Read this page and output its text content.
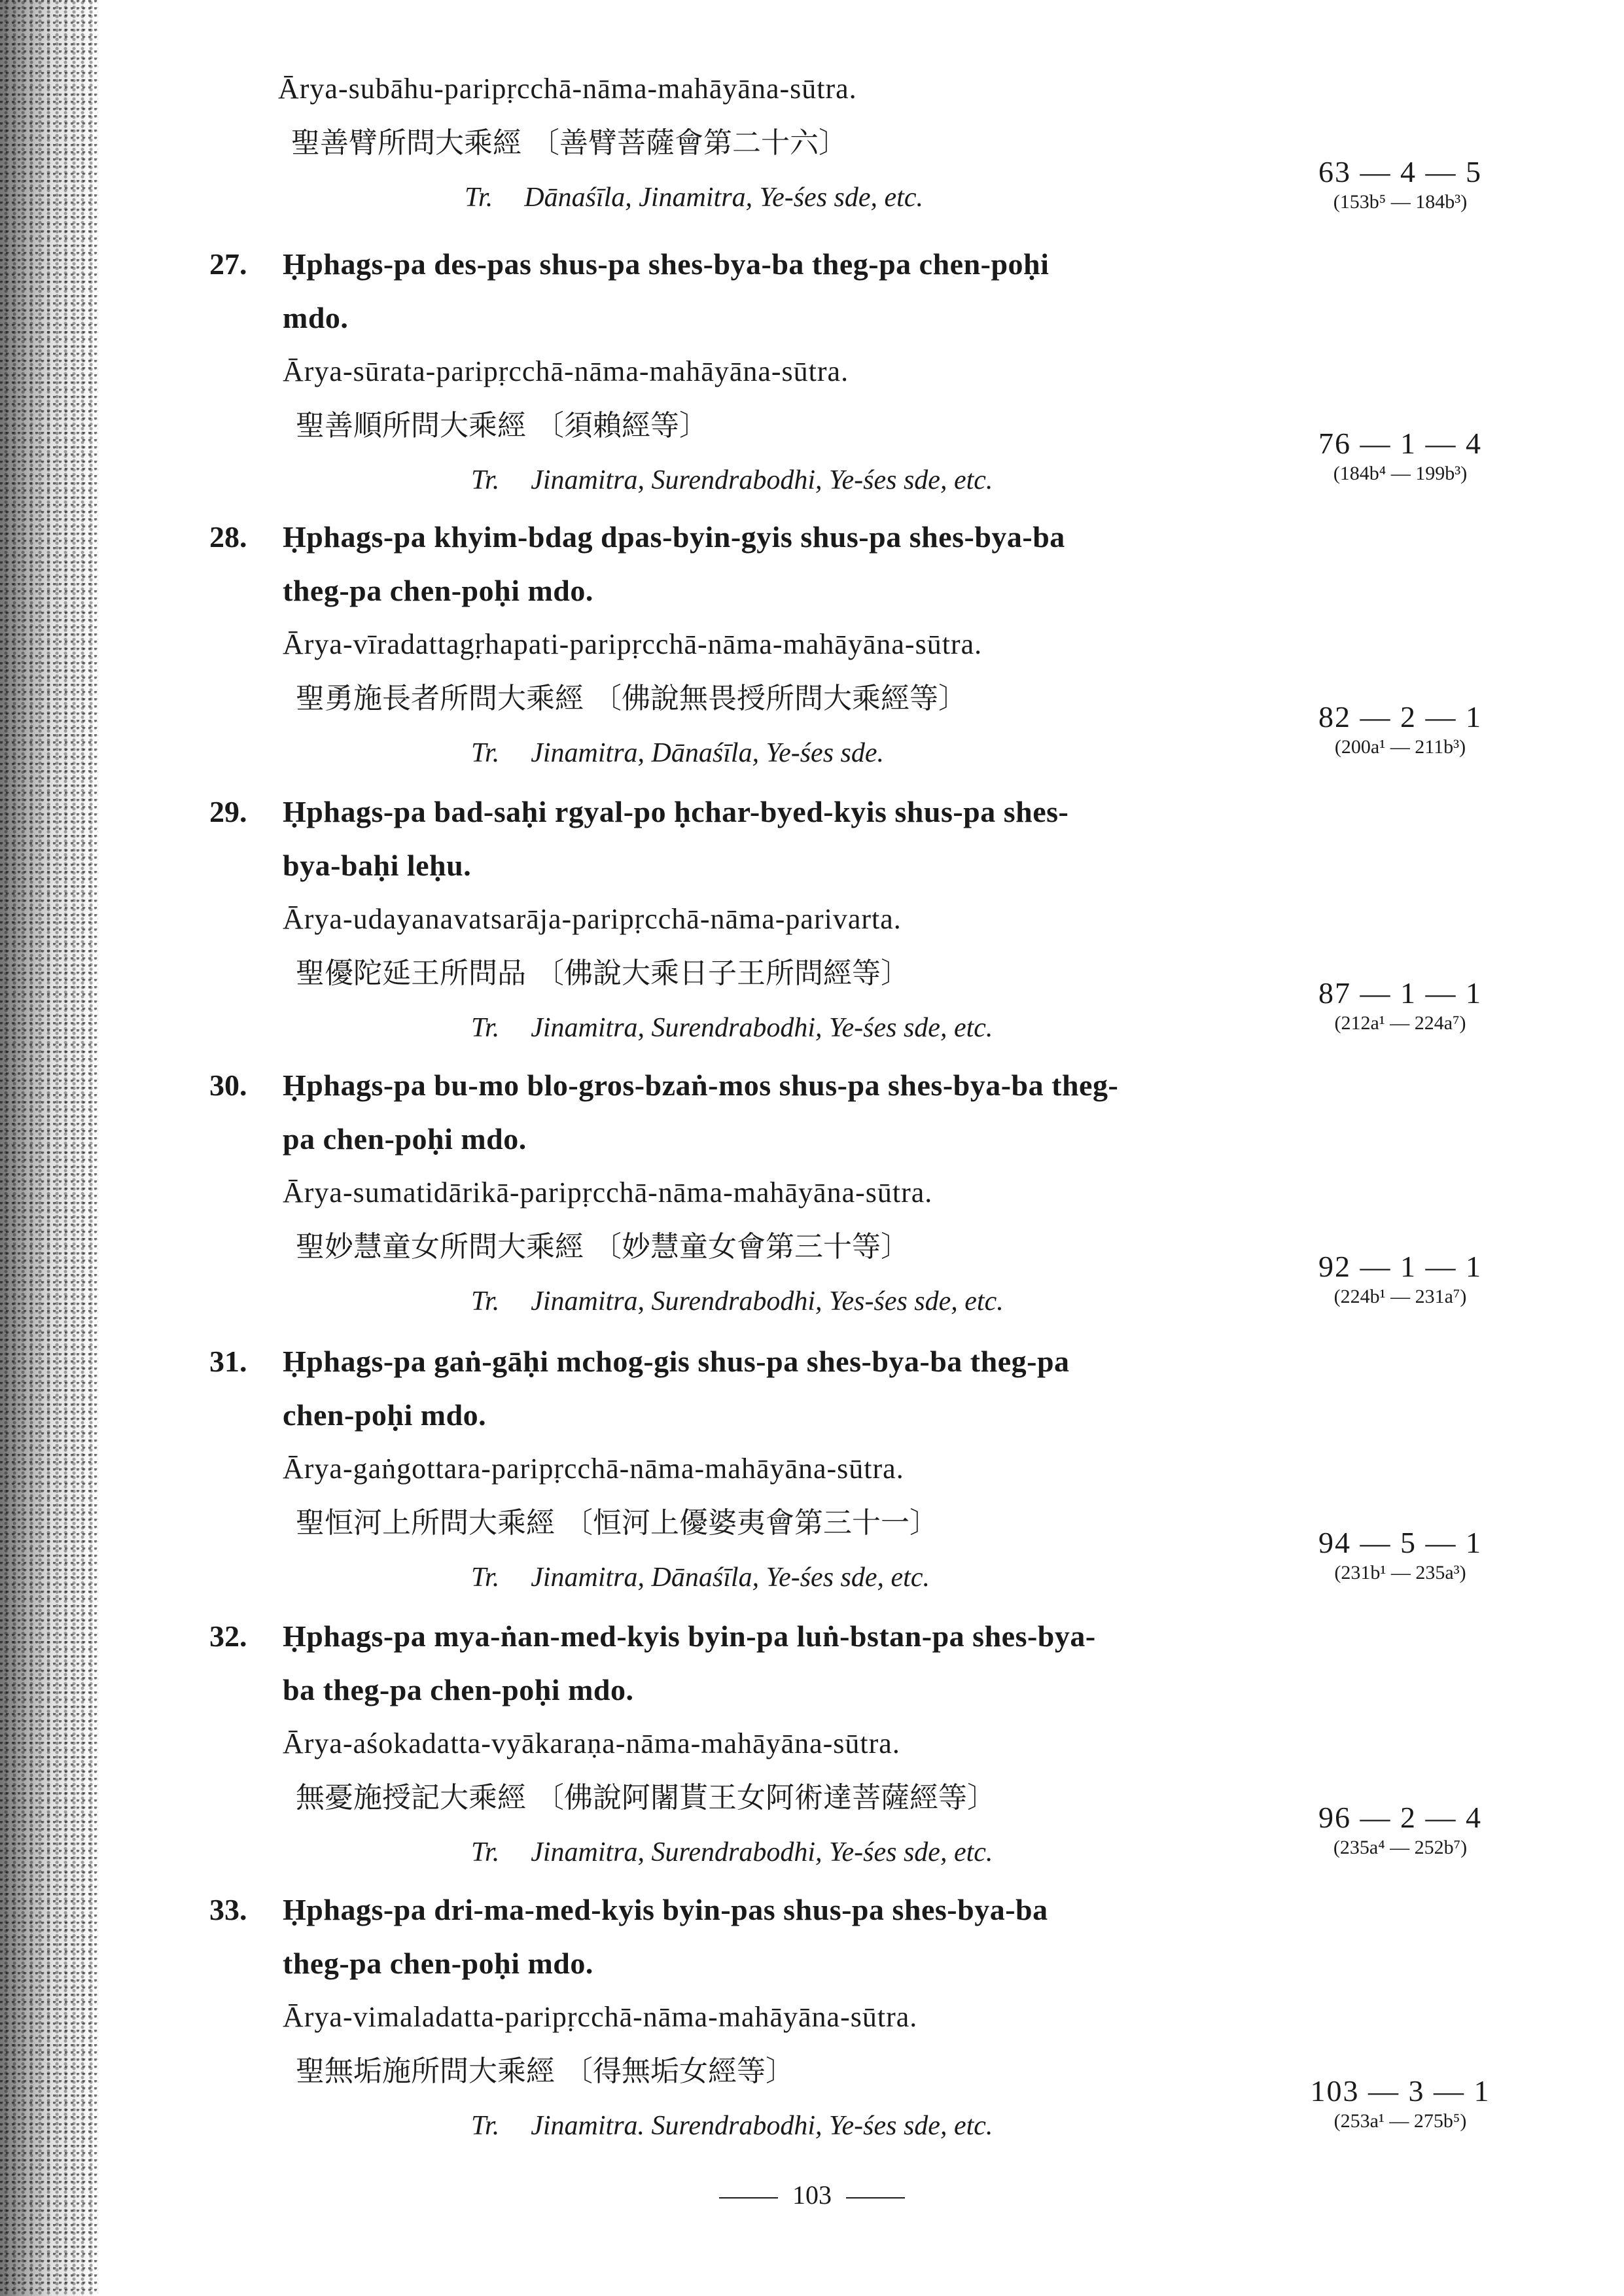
Ārya-subāhu-paripṛcchā-nāma-mahāyāna-sūtra.
聖善臂所問大乘經 〔善臂菩薩會第二十六〕
Tr. Dānaśīla, Jinamitra, Ye-śes sde, etc.
63 — 4 — 5
(153b⁵ — 184b³)
27. Ḥphags-pa des-pas shus-pa shes-bya-ba theg-pa chen-poḥi
mdo.
Ārya-sūrata-paripṛcchā-nāma-mahāyāna-sūtra.
聖善順所問大乘經 〔須賴經等〕
Tr. Jinamitra, Surendrabodhi, Ye-śes sde, etc.
76 — 1 — 4
(184b⁴ — 199b³)
28. Ḥphags-pa khyim-bdag dpas-byin-gyis shus-pa shes-bya-ba
theg-pa chen-poḥi mdo.
Ārya-vīradattagṛhapati-paripṛcchā-nāma-mahāyāna-sūtra.
聖勇施長者所問大乘經 〔佛說無畏授所問大乘經等〕
Tr. Jinamitra, Dānaśīla, Ye-śes sde.
82 — 2 — 1
(200a¹ — 211b³)
29. Ḥphags-pa bad-saḥi rgyal-po ḥchar-byed-kyis shus-pa shes-
bya-baḥi leḥu.
Ārya-udayanavatsarāja-paripṛcchā-nāma-parivarta.
聖優陀延王所問品 〔佛說大乘日子王所問經等〕
Tr. Jinamitra, Surendrabodhi, Ye-śes sde, etc.
87 — 1 — 1
(212a¹ — 224a⁷)
30. Ḥphags-pa bu-mo blo-gros-bzaṅ-mos shus-pa shes-bya-ba theg-
pa chen-poḥi mdo.
Ārya-sumatidārikā-paripṛcchā-nāma-mahāyāna-sūtra.
聖妙慧童女所問大乘經 〔妙慧童女會第三十等〕
Tr. Jinamitra, Surendrabodhi, Yes-śes sde, etc.
92 — 1 — 1
(224b¹ — 231a⁷)
31. Ḥphags-pa gaṅ-gāḥi mchog-gis shus-pa shes-bya-ba theg-pa
chen-poḥi mdo.
Ārya-gaṅgottara-paripṛcchā-nāma-mahāyāna-sūtra.
聖恒河上所問大乘經 〔恒河上優婆夷會第三十一〕
Tr. Jinamitra, Dānaśīla, Ye-śes sde, etc.
94 — 5 — 1
(231b¹ — 235a³)
32. Ḥphags-pa mya-ṅan-med-kyis byin-pa luṅ-bstan-pa shes-bya-
ba theg-pa chen-poḥi mdo.
Ārya-aśokadatta-vyākaraṇa-nāma-mahāyāna-sūtra.
無憂施授記大乘經 〔佛說阿闍貰王女阿術達菩薩經等〕
Tr. Jinamitra, Surendrabodhi, Ye-śes sde, etc.
96 — 2 — 4
(235a⁴ — 252b⁷)
33. Ḥphags-pa dri-ma-med-kyis byin-pas shus-pa shes-bya-ba
theg-pa chen-poḥi mdo.
Ārya-vimaladatta-paripṛcchā-nāma-mahāyāna-sūtra.
聖無垢施所問大乘經 〔得無垢女經等〕
Tr. Jinamitra. Surendrabodhi, Ye-śes sde, etc.
103 — 3 — 1
(253a¹ — 275b⁵)
103
